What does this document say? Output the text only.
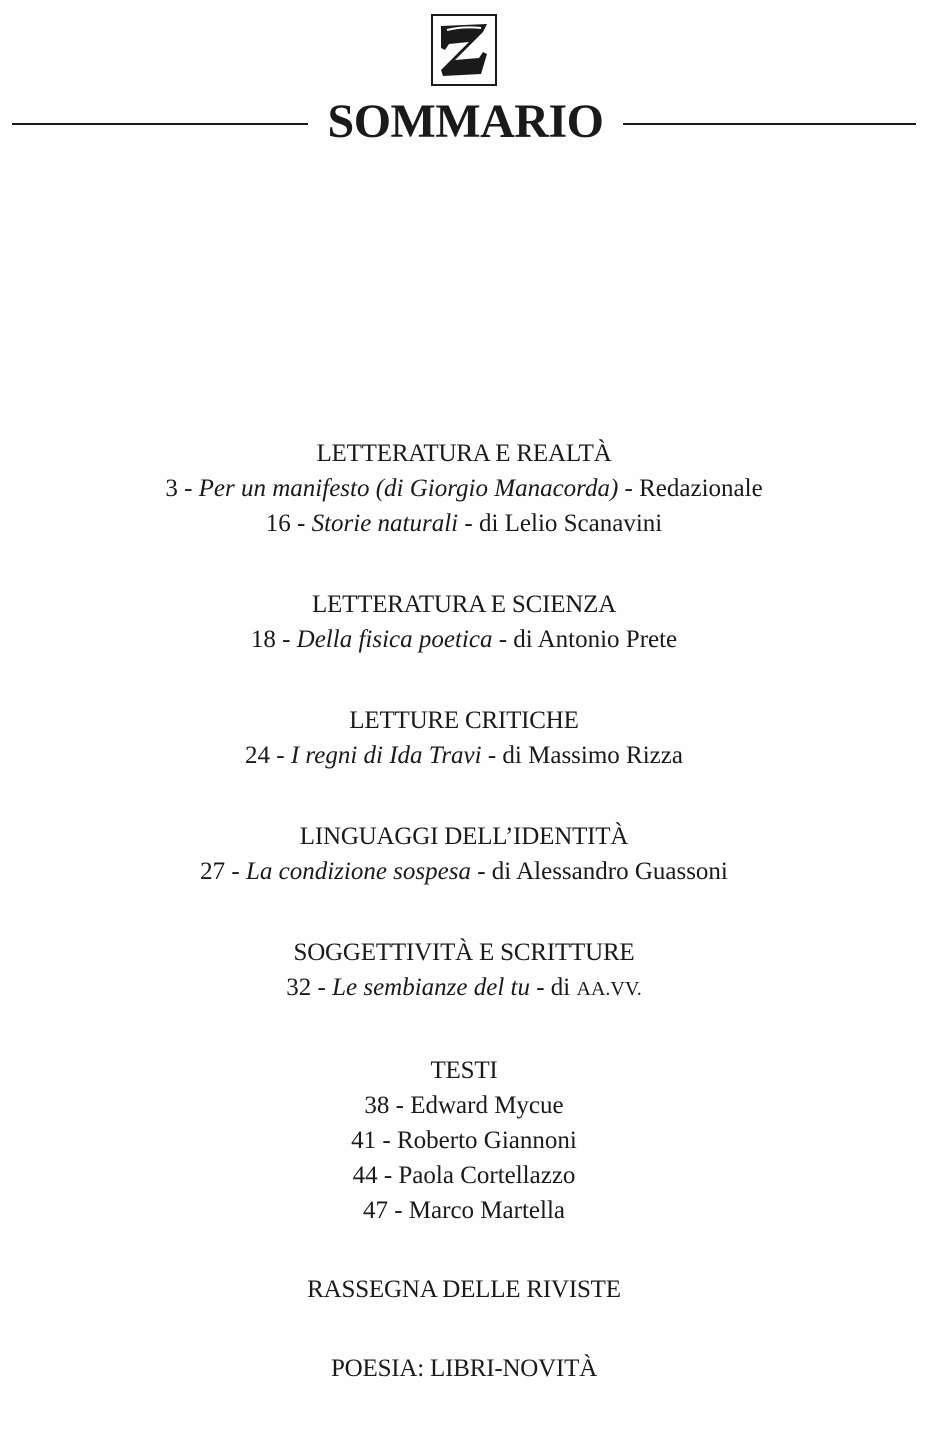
SOMMARIO
LETTERATURA E REALTÀ
3 - Per un manifesto (di Giorgio Manacorda) - Redazionale
16 - Storie naturali - di Lelio Scanavini
LETTERATURA E SCIENZA
18 - Della fisica poetica - di Antonio Prete
LETTURE CRITICHE
24 - I regni di Ida Travi - di Massimo Rizza
LINGUAGGI DELL’IDENTITÀ
27 - La condizione sospesa - di Alessandro Guassoni
SOGGETTIVITÀ E SCRITTURE
32 - Le sembianze del tu - di AA.VV.
TESTI
38 - Edward Mycue
41 - Roberto Giannoni
44 - Paola Cortellazzo
47 - Marco Martella
RASSEGNA DELLE RIVISTE
POESIA: LIBRI-NOVITÀ
